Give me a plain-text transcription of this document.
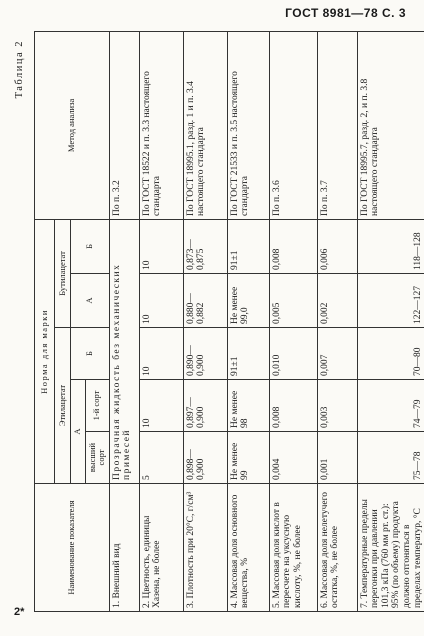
ГОСТ 8981—78 С. 3
Таблица 2
Наименование показателя	Норма для марки					Метод анализа
	Этилацетат			Бутилацетат		
	А		Б	А	Б	
	высший сорт	1-й сорт				
1. Внешний вид	Прозрачная жидкость без механических примесей					По п. 3.2
2. Цветность, единицы Хазена, не более	5	10	10	10	10	По ГОСТ 18522 и п. 3.3 настоящего стандарта
3. Плотность при 20°С, г/см³	0,898—0,900	0,897—0,900	0,890—0,900	0,880—0,882	0,873—0,875	По ГОСТ 18995.1, разд. 1 и п. 3.4 настоящего стандарта
4. Массовая доля основного вещества, %	Не менее 99	Не менее 98	91±1	Не менее 99,0	91±1	По ГОСТ 21533 и п. 3.5 настоящего стандарта
5. Массовая доля кислот в пересчете на уксусную кислоту, %, не более	0,004	0,008	0,010	0,005	0,008	По п. 3.6
6. Массовая доля нелетучего остатка, %, не более	0,001	0,003	0,007	0,002	0,006	По п. 3.7
7. Температурные пределы перегонки при давлении 101,3 кПа (760 мм рт. ст.): 95% (по объему) продукта должно отгоняться в пределах температур, °С	75—78	74—79	70—80	122—127	118—128	По ГОСТ 18995.7, разд. 2, и п. 3.8 настоящего стандарта
2*
